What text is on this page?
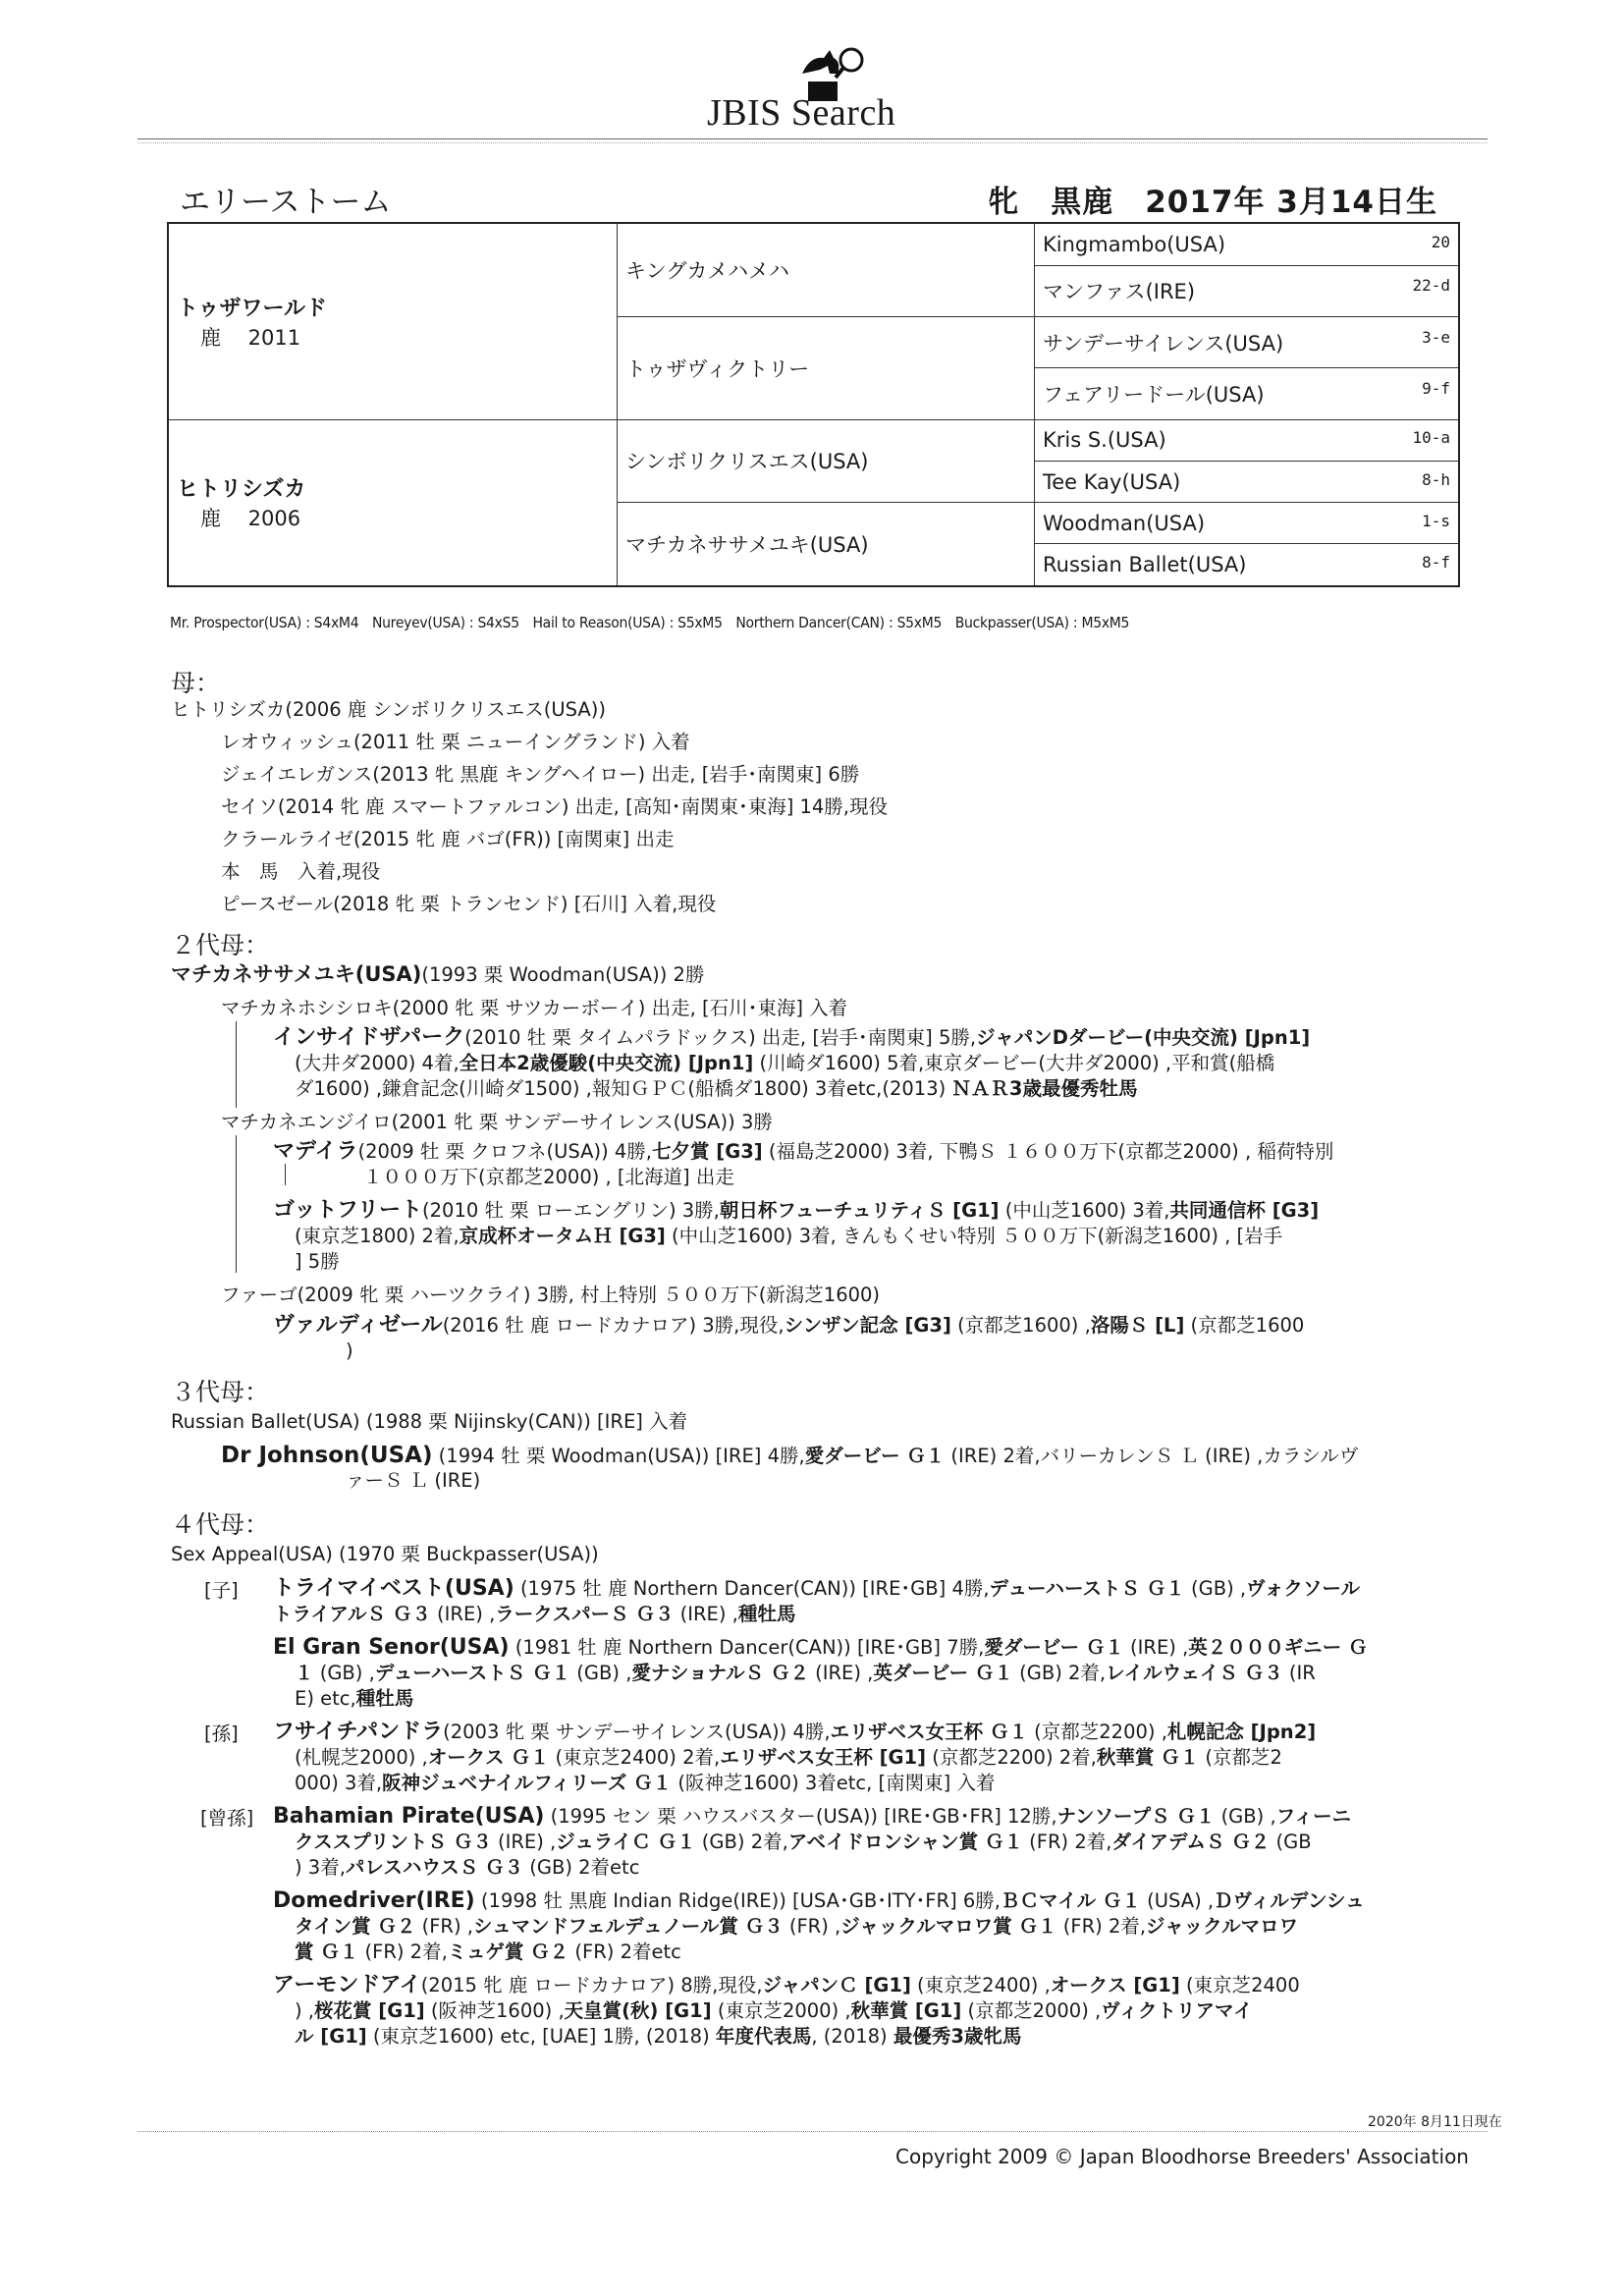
JBIS Search
エリーストーム	牝　黒鹿　2017年 3月14日生
トゥザワールド
鹿　 2011	キングカメハメハ	Kingmambo(USA) 20

		マンファス(IRE) 22-d

	トゥザヴィクトリー	サンデーサイレンス(USA) 3-e

		フェアリードール(USA) 9-f

ヒトリシズカ
鹿　 2006	シンボリクリスエス(USA)	Kris S.(USA) 10-a

		Tee Kay(USA) 8-h

	マチカネササメユキ(USA)	Woodman(USA) 1-s

		Russian Ballet(USA) 8-f
Mr. Prospector(USA) : S4xM4　Nureyev(USA) : S4xS5　Hail to Reason(USA) : S5xM5　Northern Dancer(CAN) : S5xM5　Buckpasser(USA) : M5xM5
母：
ヒトリシズカ(2006 鹿 シンボリクリスエス(USA))
レオウィッシュ(2011 牡 栗 ニューイングランド) 入着
ジェイエレガンス(2013 牝 黒鹿 キングヘイロー) 出走, [岩手･南関東] 6勝
セイソ(2014 牝 鹿 スマートファルコン) 出走, [高知･南関東･東海] 14勝,現役
クラールライゼ(2015 牝 鹿 バゴ(FR)) [南関東] 出走
本　馬　入着,現役
ピースゼール(2018 牝 栗 トランセンド) [石川] 入着,現役
２代母：
マチカネササメユキ(USA)(1993 栗 Woodman(USA)) 2勝
マチカネホシシロキ(2000 牝 栗 サツカーボーイ) 出走, [石川･東海] 入着
インサイドザパーク(2010 牡 栗 タイムパラドックス) 出走, [岩手･南関東] 5勝,ジャパンDダービー(中央交流) [Jpn1]
(大井ダ2000) 4着,全日本2歳優駿(中央交流) [Jpn1] (川崎ダ1600) 5着,東京ダービー(大井ダ2000) ,平和賞(船橋
ダ1600) ,鎌倉記念(川崎ダ1500) ,報知ＧＰＣ(船橋ダ1800) 3着etc,(2013) ＮＡＲ3歳最優秀牡馬
マチカネエンジイロ(2001 牝 栗 サンデーサイレンス(USA)) 3勝
マデイラ(2009 牡 栗 クロフネ(USA)) 4勝,七夕賞 [G3] (福島芝2000) 3着, 下鴨Ｓ １６００万下(京都芝2000) , 稲荷特別
１０００万下(京都芝2000) , [北海道] 出走
ゴットフリート(2010 牡 栗 ローエングリン) 3勝,朝日杯フューチュリティＳ [G1] (中山芝1600) 3着,共同通信杯 [G3]
(東京芝1800) 2着,京成杯オータムＨ [G3] (中山芝1600) 3着, きんもくせい特別 ５００万下(新潟芝1600) , [岩手
] 5勝
ファーゴ(2009 牝 栗 ハーツクライ) 3勝, 村上特別 ５００万下(新潟芝1600)
ヴァルディゼール(2016 牡 鹿 ロードカナロア) 3勝,現役,シンザン記念 [G3] (京都芝1600) ,洛陽Ｓ [L] (京都芝1600
)
３代母：
Russian Ballet(USA) (1988 栗 Nijinsky(CAN)) [IRE] 入着
Dr Johnson(USA) (1994 牡 栗 Woodman(USA)) [IRE] 4勝,愛ダービー Ｇ１ (IRE) 2着,バリーカレンＳ Ｌ (IRE) ,カラシルヴ
ァーＳ Ｌ (IRE)
４代母：
Sex Appeal(USA) (1970 栗 Buckpasser(USA))
[子] トライマイベスト(USA) (1975 牡 鹿 Northern Dancer(CAN)) [IRE･GB] 4勝,デューハーストＳ Ｇ１ (GB) ,ヴォクソール
トライアルＳ Ｇ３ (IRE) ,ラークスパーＳ Ｇ３ (IRE) ,種牡馬
El Gran Senor(USA) (1981 牡 鹿 Northern Dancer(CAN)) [IRE･GB] 7勝,愛ダービー Ｇ１ (IRE) ,英２０００ギニー Ｇ
１ (GB) ,デューハーストＳ Ｇ１ (GB) ,愛ナショナルＳ Ｇ２ (IRE) ,英ダービー Ｇ１ (GB) 2着,レイルウェイＳ Ｇ３ (IR
E) etc,種牡馬
[孫] フサイチパンドラ(2003 牝 栗 サンデーサイレンス(USA)) 4勝,エリザベス女王杯 Ｇ１ (京都芝2200) ,札幌記念 [Jpn2]
(札幌芝2000) ,オークス Ｇ１ (東京芝2400) 2着,エリザベス女王杯 [G1] (京都芝2200) 2着,秋華賞 Ｇ１ (京都芝2
000) 3着,阪神ジュベナイルフィリーズ Ｇ１ (阪神芝1600) 3着etc, [南関東] 入着
[曾孫] Bahamian Pirate(USA) (1995 セン 栗 ハウスバスター(USA)) [IRE･GB･FR] 12勝,ナンソープＳ Ｇ１ (GB) ,フィーニ
クススプリントＳ Ｇ３ (IRE) ,ジュライＣ Ｇ１ (GB) 2着,アベイドロンシャン賞 Ｇ１ (FR) 2着,ダイアデムＳ Ｇ２ (GB
) 3着,パレスハウスＳ Ｇ３ (GB) 2着etc
Domedriver(IRE) (1998 牡 黒鹿 Indian Ridge(IRE)) [USA･GB･ITY･FR] 6勝,ＢＣマイル Ｇ１ (USA) ,Ｄヴィルデンシュ
タイン賞 Ｇ２ (FR) ,シュマンドフェルデュノール賞 Ｇ３ (FR) ,ジャックルマロワ賞 Ｇ１ (FR) 2着,ジャックルマロワ
賞 Ｇ１ (FR) 2着,ミュゲ賞 Ｇ２ (FR) 2着etc
アーモンドアイ(2015 牝 鹿 ロードカナロア) 8勝,現役,ジャパンＣ [G1] (東京芝2400) ,オークス [G1] (東京芝2400
) ,桜花賞 [G1] (阪神芝1600) ,天皇賞(秋) [G1] (東京芝2000) ,秋華賞 [G1] (京都芝2000) ,ヴィクトリアマイ
ル [G1] (東京芝1600) etc, [UAE] 1勝, (2018) 年度代表馬, (2018) 最優秀3歳牝馬
2020年 8月11日現在
Copyright 2009 © Japan Bloodhorse Breeders' Association
